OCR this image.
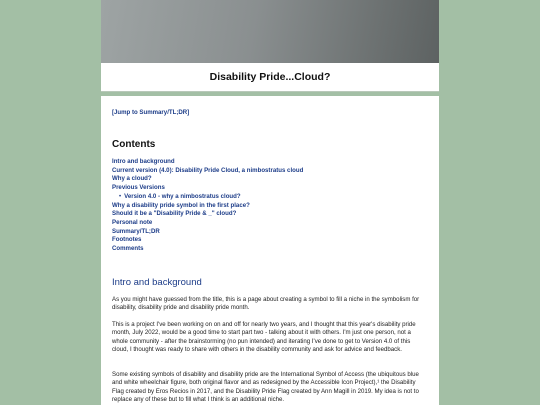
Disability Pride...Cloud?
[Jump to Summary/TL;DR]
Contents
Intro and background
Current version (4.0): Disability Pride Cloud, a nimbostratus cloud
Why a cloud?
Previous Versions
• Version 4.0 - why a nimbostratus cloud?
Why a disability pride symbol in the first place?
Should it be a "Disability Pride & _" cloud?
Personal note
Summary/TL;DR
Footnotes
Comments
Intro and background

As you might have guessed from the title, this is a page about creating a symbol to fill a niche in the symbolism for disability, disability pride and disability pride month.

This is a project I've been working on on and off for nearly two years, and I thought that this year's disability pride month, July 2022, would be a good time to start part two - talking about it with others. I'm just one person, not a whole community - after the brainstorming (no pun intended) and iterating I've done to get to Version 4.0 of this cloud, I thought was ready to share with others in the disability community and ask for advice and feedback.

Some existing symbols of disability and disability pride are the International Symbol of Access (the ubiquitous blue and white wheelchair figure, both original flavor and as redesigned by the Accessible Icon Project),¹ the Disability Flag created by Eros Recios in 2017, and the Disability Pride Flag created by Ann Magill in 2019. My idea is not to replace any of these but to fill what I think is an additional niche.
